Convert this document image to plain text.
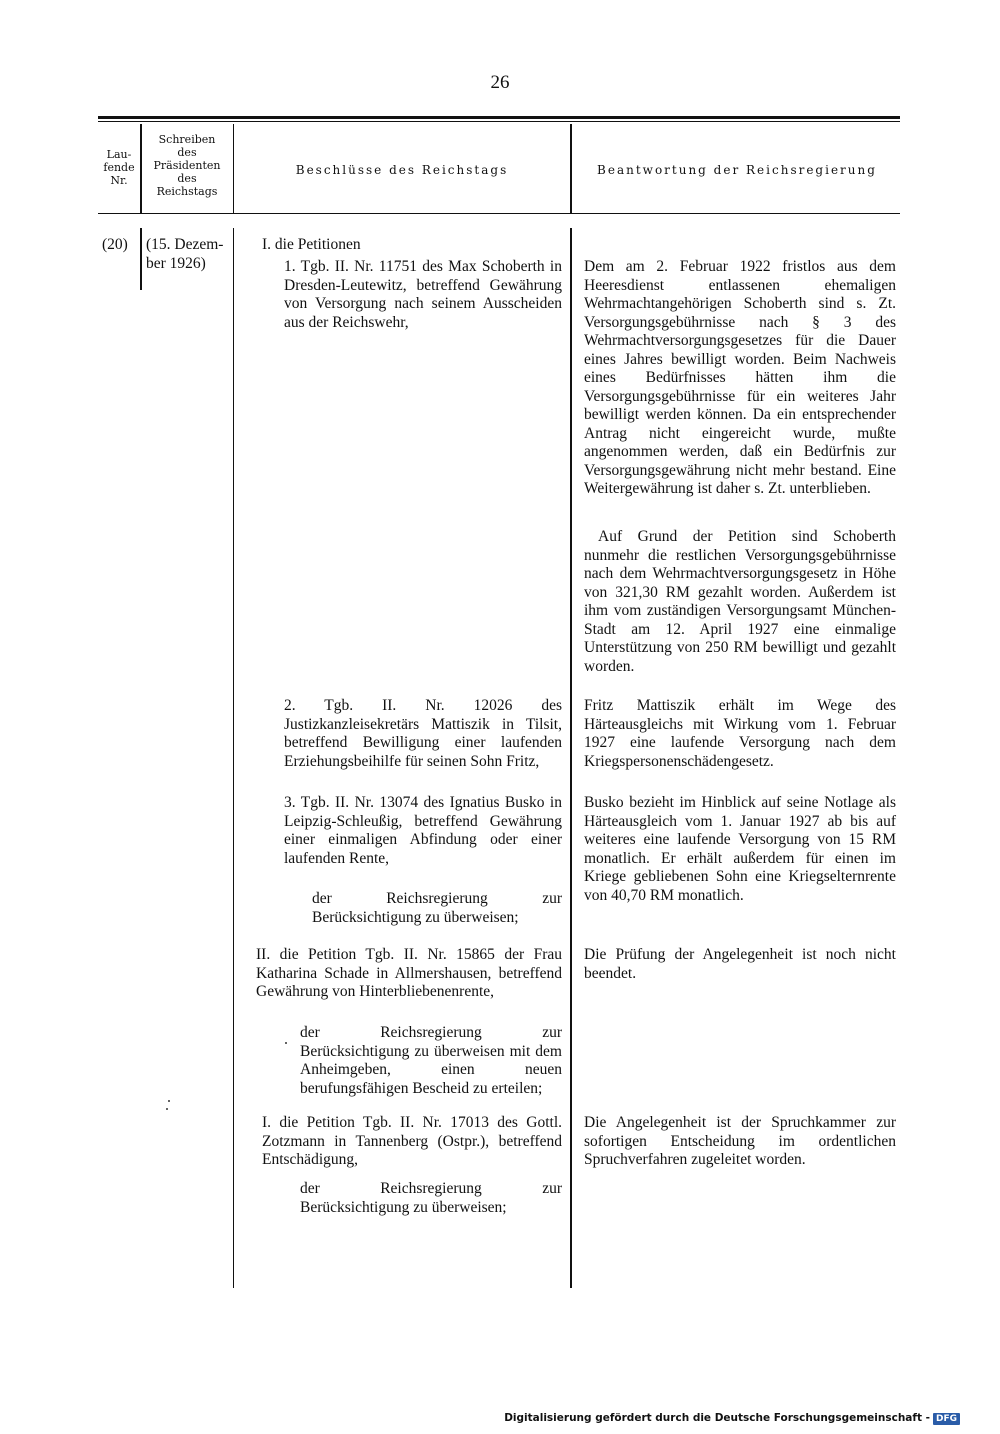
26
Lau-
fende
Nr.
Schreiben
des
Präsidenten
des
Reichstags
Beschlüsse des Reichstags	Beantwortung der Reichsregierung
(20) (15. Dezem-
ber 1926)
I. die Petitionen
1. Tgb. II. Nr. 11751 des Max Schoberth in Dresden-Leutewitz, betreffend Gewährung von Versorgung nach seinem Ausscheiden aus der Reichswehr,
Dem am 2. Februar 1922 fristlos aus dem Heeresdienst entlassenen ehemaligen Wehrmachtangehörigen Schoberth sind s. Zt. Versorgungsgebührnisse nach § 3 des Wehrmachtversorgungsgesetzes für die Dauer eines Jahres bewilligt worden. Beim Nachweis eines Bedürfnisses hätten ihm die Versorgungsgebührnisse für ein weiteres Jahr bewilligt werden können. Da ein entsprechender Antrag nicht eingereicht wurde, mußte angenommen werden, daß ein Bedürfnis zur Versorgungsgewährung nicht mehr bestand. Eine Weitergewährung ist daher s. Zt. unterblieben.
Auf Grund der Petition sind Schoberth nunmehr die restlichen Versorgungsgebührnisse nach dem Wehrmachtversorgungsgesetz in Höhe von 321,30 RM gezahlt worden. Außerdem ist ihm vom zuständigen Versorgungsamt München-Stadt am 12. April 1927 eine einmalige Unterstützung von 250 RM bewilligt und gezahlt worden.
2. Tgb. II. Nr. 12026 des Justizkanzleisekretärs Mattiszik in Tilsit, betreffend Bewilligung einer laufenden Erziehungsbeihilfe für seinen Sohn Fritz,
Fritz Mattiszik erhält im Wege des Härteausgleichs mit Wirkung vom 1. Februar 1927 eine laufende Versorgung nach dem Kriegspersonenschädengesetz.
3. Tgb. II. Nr. 13074 des Ignatius Busko in Leipzig-Schleußig, betreffend Gewährung einer einmaligen Abfindung oder einer laufenden Rente,
Busko bezieht im Hinblick auf seine Notlage als Härteausgleich vom 1. Januar 1927 ab bis auf weiteres eine laufende Versorgung von 15 RM monatlich. Er erhält außerdem für einen im Kriege gebliebenen Sohn eine Kriegselternrente von 40,70 RM monatlich.
der Reichsregierung zur Berücksichtigung zu überweisen;
II. die Petition Tgb. II. Nr. 15865 der Frau Katharina Schade in Allmershausen, betreffend Gewährung von Hinterbliebenenrente,
Die Prüfung der Angelegenheit ist noch nicht beendet.
der Reichsregierung zur Berücksichtigung zu überweisen mit dem Anheimgeben, einen neuen berufungsfähigen Bescheid zu erteilen;
I. die Petition Tgb. II. Nr. 17013 des Gottl. Zotzmann in Tannenberg (Ostpr.), betreffend Entschädigung,
Die Angelegenheit ist der Spruchkammer zur sofortigen Entscheidung im ordentlichen Spruchverfahren zugeleitet worden.
der Reichsregierung zur Berücksichtigung zu überweisen;
Digitalisierung gefördert durch die Deutsche Forschungsgemeinschaft - DFG
